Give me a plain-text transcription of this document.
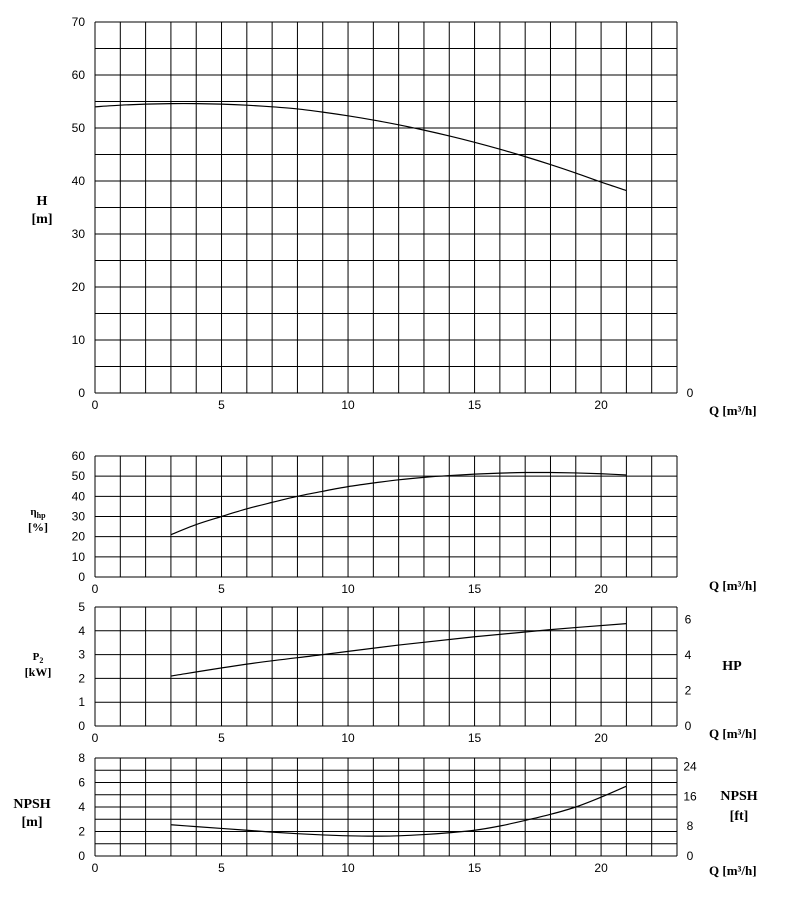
0
10
20
30
40
50
60
70
0	5	10	15	20
0
Q [m³/h]
H
[m]
0
10
20
30
40
50
60
0	5	10	15	20	Q [m³/h]
$\eta_{hp}$
[%]
0
1
2
3
4
5
0	5	10	15	20
0
2
4
6
Q [m³/h]
$P_2$
[kW]	HP
0
2
4
6
8
0	5	10	15	20
0
8
16
24
Q [m³/h]
NPSH
[m]
NPSH
[ft]
